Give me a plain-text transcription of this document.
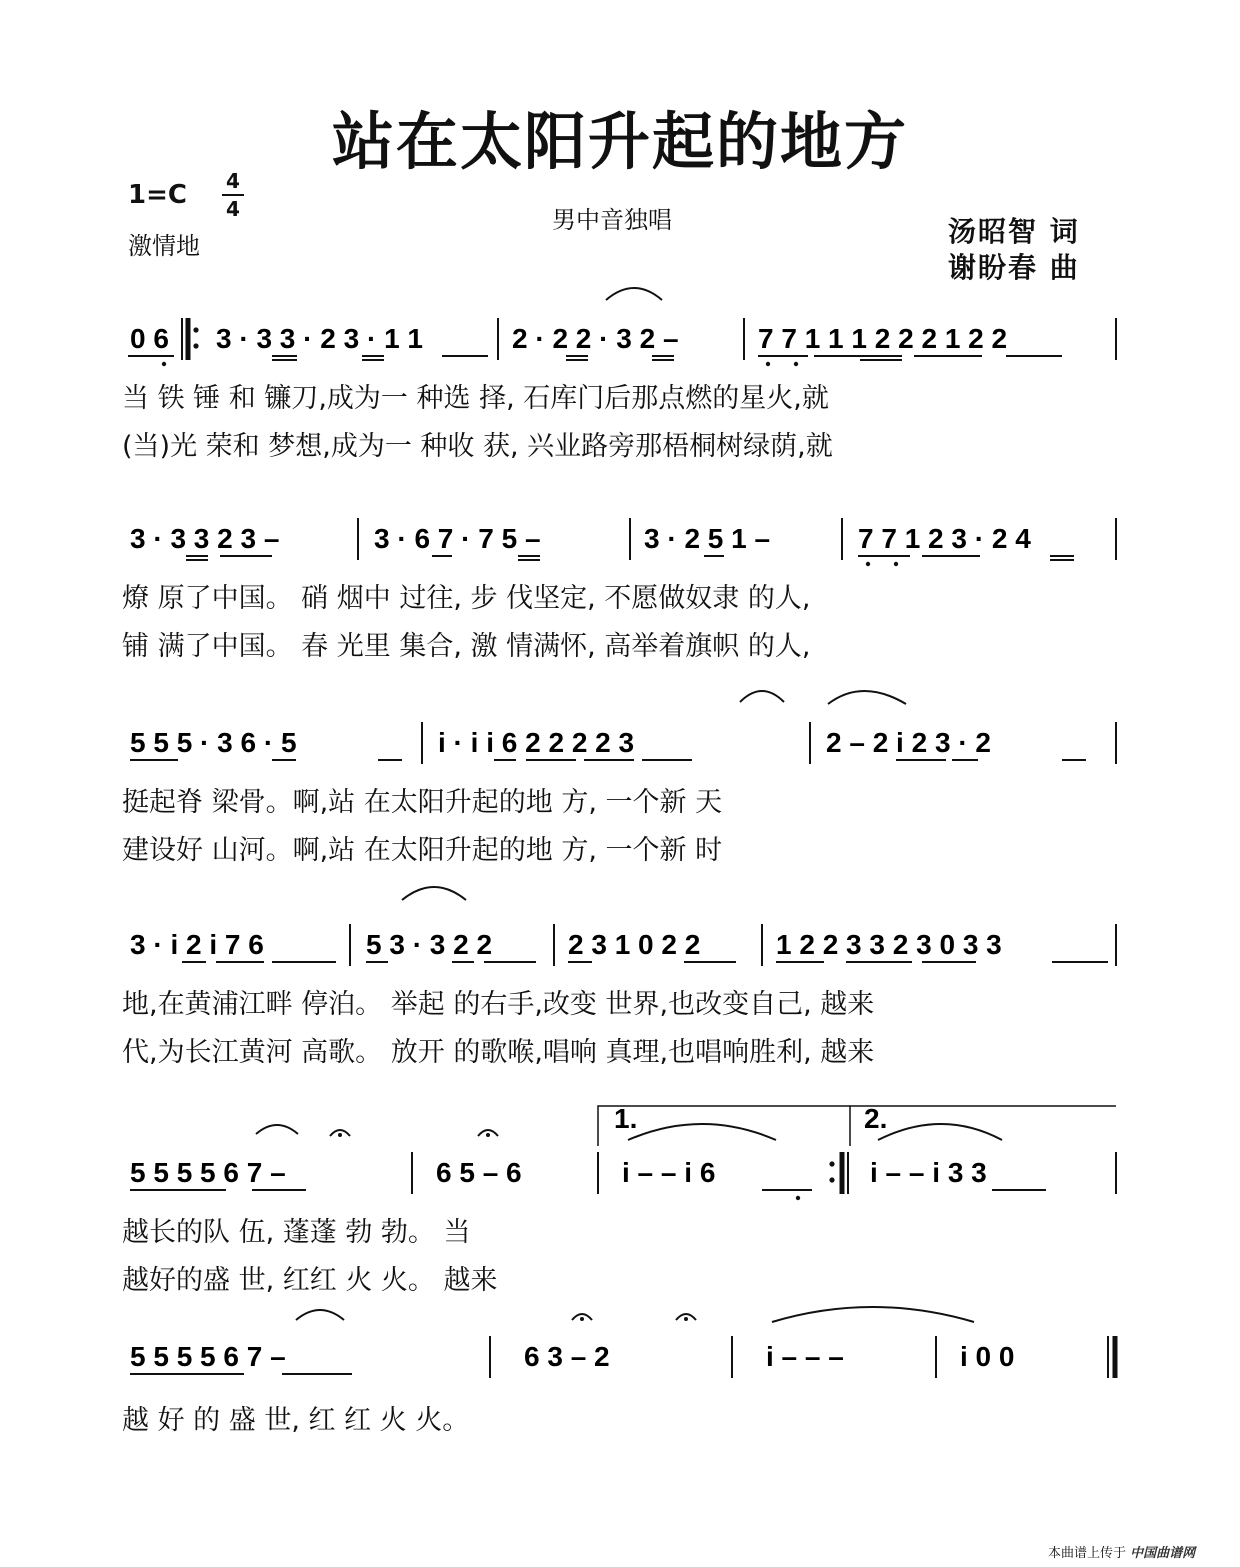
站在太阳升起的地方
1=C	4
4
激情地
男中音独唱	汤昭智 词
谢盼春 曲
0 6 3 · 3 3 · 2 3 · 1 1	2 · 2 2 · 3 2 –	7 7 1 1 1 2 2 2 1 2 2
当 铁 锤 和 镰刀,成为一 种选 择, 石库门后那点燃的星火,就
(当)光 荣和 梦想,成为一 种收 获, 兴业路旁那梧桐树绿荫,就
3 · 3 3 2 3 –	3 · 6 7 · 7 5 –	3 · 2 5 1 –	7 7 1 2 3 · 2 4
燎 原了中国。 硝 烟中 过往, 步 伐坚定, 不愿做奴隶 的人,
铺 满了中国。 春 光里 集合, 激 情满怀, 高举着旗帜 的人,
5 5 5 · 3 6 · 5	i · i i 6 2 2 2 2 3	2 – 2 i 2 3 · 2
挺起脊 梁骨。啊,站 在太阳升起的地 方, 一个新 天
建设好 山河。啊,站 在太阳升起的地 方, 一个新 时
3 · i 2 i 7 6	5 3 · 3 2 2	2 3 1 0 2 2	1 2 2 3 3 2 3 0 3 3
地,在黄浦江畔 停泊。 举起 的右手,改变 世界,也改变自己, 越来
代,为长江黄河 高歌。 放开 的歌喉,唱响 真理,也唱响胜利, 越来
1.	2.
5 5 5 5 6 7 –	6 5 – 6	i – – i 6	i – – i 3 3
越长的队 伍, 蓬蓬 勃 勃。 当
越好的盛 世, 红红 火 火。 越来
5 5 5 5 6 7 –	6 3 – 2	i – – –	i 0 0
越 好 的 盛 世, 红 红 火 火。
本曲谱上传于 中国曲谱网
